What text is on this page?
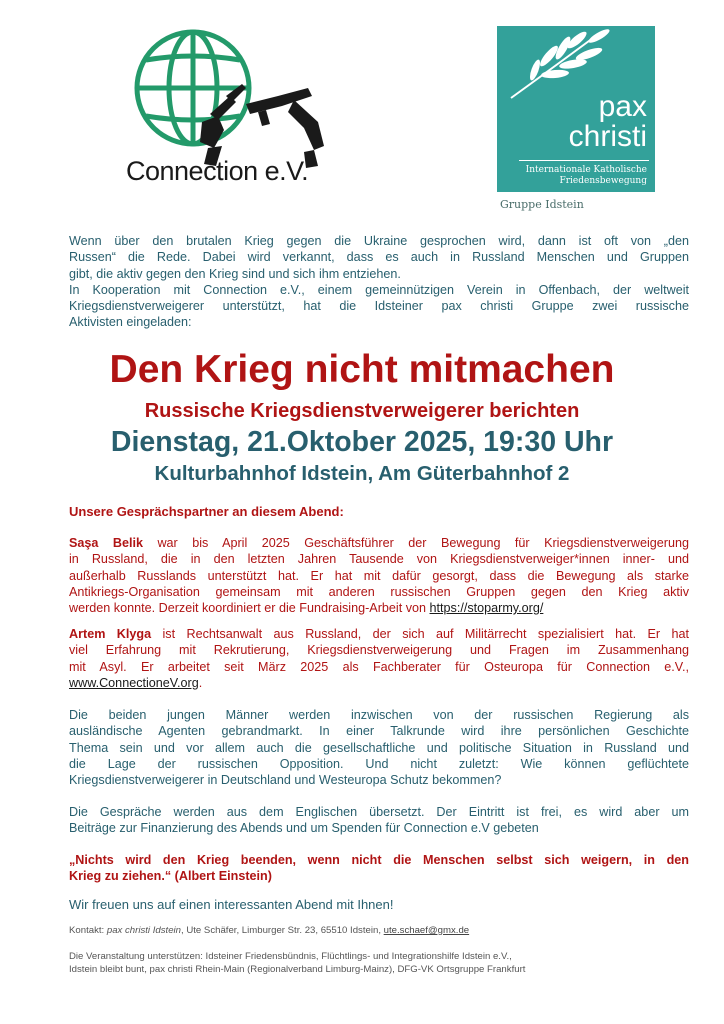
Connection e.V.
pax
christi
Internationale Katholische
Friedensbewegung
Gruppe Idstein
Wenn über den brutalen Krieg gegen die Ukraine gesprochen wird, dann ist oft von „den
Russen“ die Rede. Dabei wird verkannt, dass es auch in Russland Menschen und Gruppen
gibt, die aktiv gegen den Krieg sind und sich ihm entziehen.
In Kooperation mit Connection e.V., einem gemeinnützigen Verein in Offenbach, der weltweit
Kriegsdienstverweigerer unterstützt, hat die Idsteiner pax christi Gruppe zwei russische
Aktivisten eingeladen:
Den Krieg nicht mitmachen
Russische Kriegsdienstverweigerer berichten
Dienstag, 21.Oktober 2025, 19:30 Uhr
Kulturbahnhof Idstein, Am Güterbahnhof 2
Unsere Gesprächspartner an diesem Abend:
Saşa Belik war bis April 2025 Geschäftsführer der Bewegung für Kriegsdienstverweigerung
in Russland, die in den letzten Jahren Tausende von Kriegsdienstverweiger*innen inner- und
außerhalb Russlands unterstützt hat. Er hat mit dafür gesorgt, dass die Bewegung als starke
Antikriegs-Organisation gemeinsam mit anderen russischen Gruppen gegen den Krieg aktiv
werden konnte. Derzeit koordiniert er die Fundraising-Arbeit von https://stoparmy.org/
Artem Klyga ist Rechtsanwalt aus Russland, der sich auf Militärrecht spezialisiert hat. Er hat
viel Erfahrung mit Rekrutierung, Kriegsdienstverweigerung und Fragen im Zusammenhang
mit Asyl. Er arbeitet seit März 2025 als Fachberater für Osteuropa für Connection e.V.,
www.ConnectioneV.org.
Die beiden jungen Männer werden inzwischen von der russischen Regierung als
ausländische Agenten gebrandmarkt. In einer Talkrunde wird ihre persönlichen Geschichte
Thema sein und vor allem auch die gesellschaftliche und politische Situation in Russland und
die Lage der russischen Opposition. Und nicht zuletzt: Wie können geflüchtete
Kriegsdienstverweigerer in Deutschland und Westeuropa Schutz bekommen?
Die Gespräche werden aus dem Englischen übersetzt. Der Eintritt ist frei, es wird aber um
Beiträge zur Finanzierung des Abends und um Spenden für Connection e.V gebeten
„Nichts wird den Krieg beenden, wenn nicht die Menschen selbst sich weigern, in den
Krieg zu ziehen.“ (Albert Einstein)
Wir freuen uns auf einen interessanten Abend mit Ihnen!
Kontakt: pax christi Idstein, Ute Schäfer, Limburger Str. 23, 65510 Idstein, ute.schaef@gmx.de
Die Veranstaltung unterstützen: Idsteiner Friedensbündnis, Flüchtlings- und Integrationshilfe Idstein e.V.,
Idstein bleibt bunt, pax christi Rhein-Main (Regionalverband Limburg-Mainz), DFG-VK Ortsgruppe Frankfurt
